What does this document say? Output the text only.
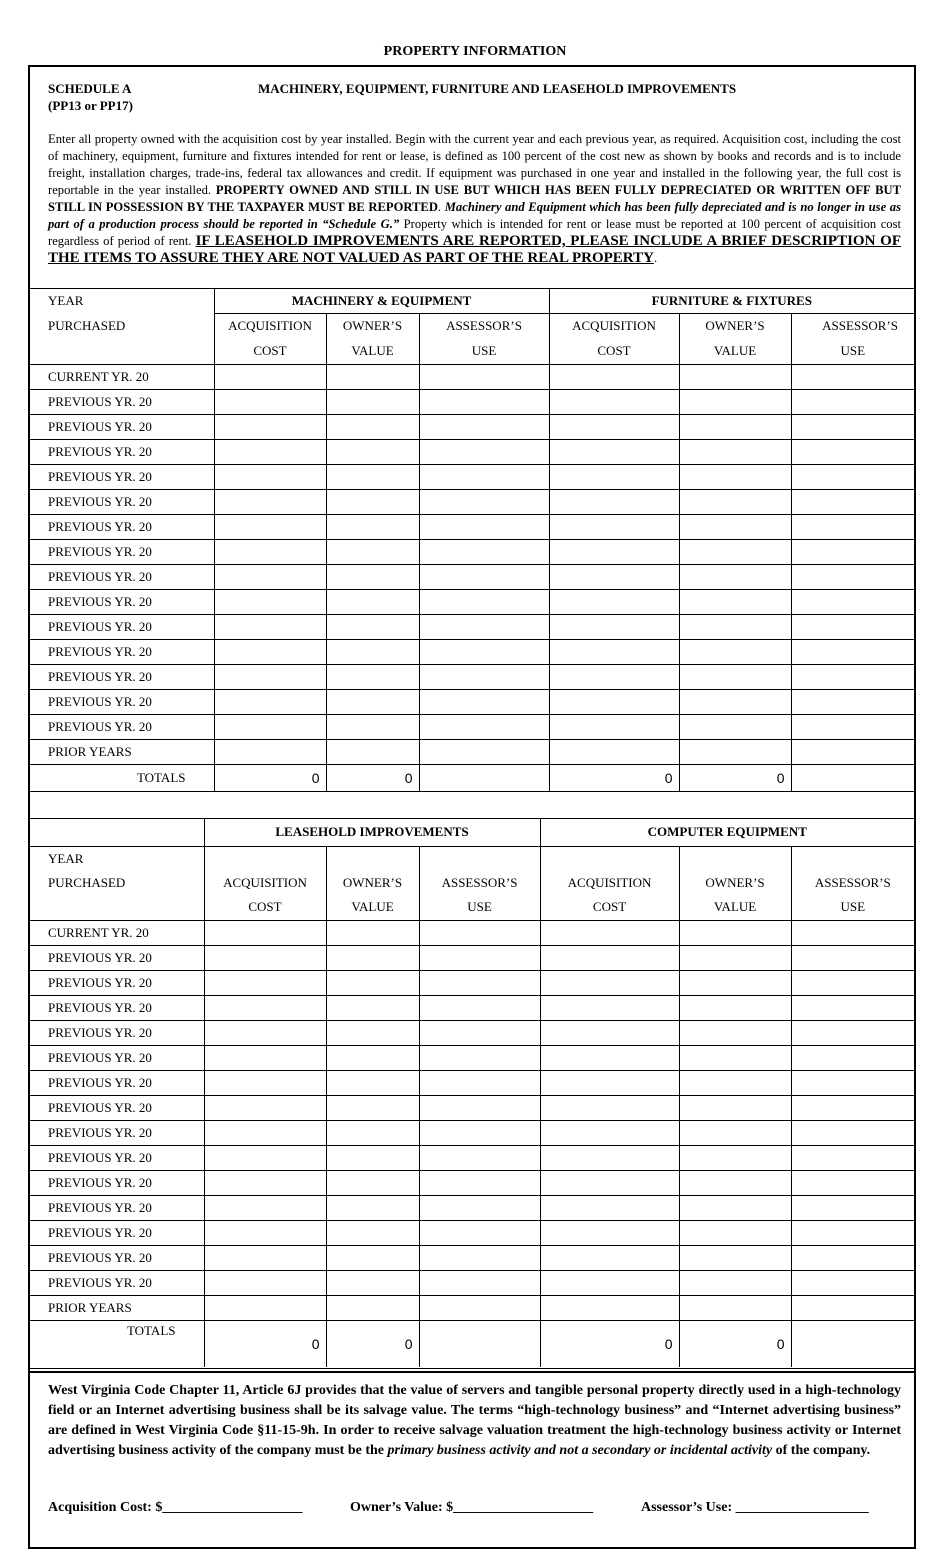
PROPERTY INFORMATION
SCHEDULE A
(PP13 or PP17)
MACHINERY, EQUIPMENT, FURNITURE AND LEASEHOLD IMPROVEMENTS
Enter all property owned with the acquisition cost by year installed. Begin with the current year and each previous year, as required. Acquisition cost, including the cost of machinery, equipment, furniture and fixtures intended for rent or lease, is defined as 100 percent of the cost new as shown by books and records and is to include freight, installation charges, trade-ins, federal tax allowances and credit. If equipment was purchased in one year and installed in the following year, the full cost is reportable in the year installed. PROPERTY OWNED AND STILL IN USE BUT WHICH HAS BEEN FULLY DEPRECIATED OR WRITTEN OFF BUT STILL IN POSSESSION BY THE TAXPAYER MUST BE REPORTED. Machinery and Equipment which has been fully depreciated and is no longer in use as part of a production process should be reported in “Schedule G.” Property which is intended for rent or lease must be reported at 100 percent of acquisition cost regardless of period of rent. IF LEASEHOLD IMPROVEMENTS ARE REPORTED, PLEASE INCLUDE A BRIEF DESCRIPTION OF THE ITEMS TO ASSURE THEY ARE NOT VALUED AS PART OF THE REAL PROPERTY.
YEAR	MACHINERY & EQUIPMENT			FURNITURE & FIXTURES		
PURCHASED	ACQUISITION	OWNER’S	ASSESSOR’S	ACQUISITION	OWNER’S	ASSESSOR’S
	COST	VALUE	USE	COST	VALUE	USE
CURRENT YR. 20						
PREVIOUS YR. 20						
PREVIOUS YR. 20						
PREVIOUS YR. 20						
PREVIOUS YR. 20						
PREVIOUS YR. 20						
PREVIOUS YR. 20						
PREVIOUS YR. 20						
PREVIOUS YR. 20						
PREVIOUS YR. 20						
PREVIOUS YR. 20						
PREVIOUS YR. 20						
PREVIOUS YR. 20						
PREVIOUS YR. 20						
PREVIOUS YR. 20						
PRIOR YEARS						
TOTALS	0	0		0	0	
	LEASEHOLD IMPROVEMENTS			COMPUTER EQUIPMENT		
YEAR						
PURCHASED	ACQUISITION	OWNER’S	ASSESSOR’S	ACQUISITION	OWNER’S	ASSESSOR’S
	COST	VALUE	USE	COST	VALUE	USE
CURRENT YR. 20						
PREVIOUS YR. 20						
PREVIOUS YR. 20						
PREVIOUS YR. 20						
PREVIOUS YR. 20						
PREVIOUS YR. 20						
PREVIOUS YR. 20						
PREVIOUS YR. 20						
PREVIOUS YR. 20						
PREVIOUS YR. 20						
PREVIOUS YR. 20						
PREVIOUS YR. 20						
PREVIOUS YR. 20						
PREVIOUS YR. 20						
PREVIOUS YR. 20						
PRIOR YEARS						
TOTALS	0	0		0	0	
West Virginia Code Chapter 11, Article 6J provides that the value of servers and tangible personal property directly used in a high-technology field or an Internet advertising business shall be its salvage value. The terms “high-technology business” and “Internet advertising business” are defined in West Virginia Code §11-15-9h. In order to receive salvage valuation treatment the high-technology business activity or Internet advertising business activity of the company must be the primary business activity and not a secondary or incidental activity of the company.
Acquisition Cost: $____________________	Owner’s Value: $____________________	Assessor’s Use: ___________________
